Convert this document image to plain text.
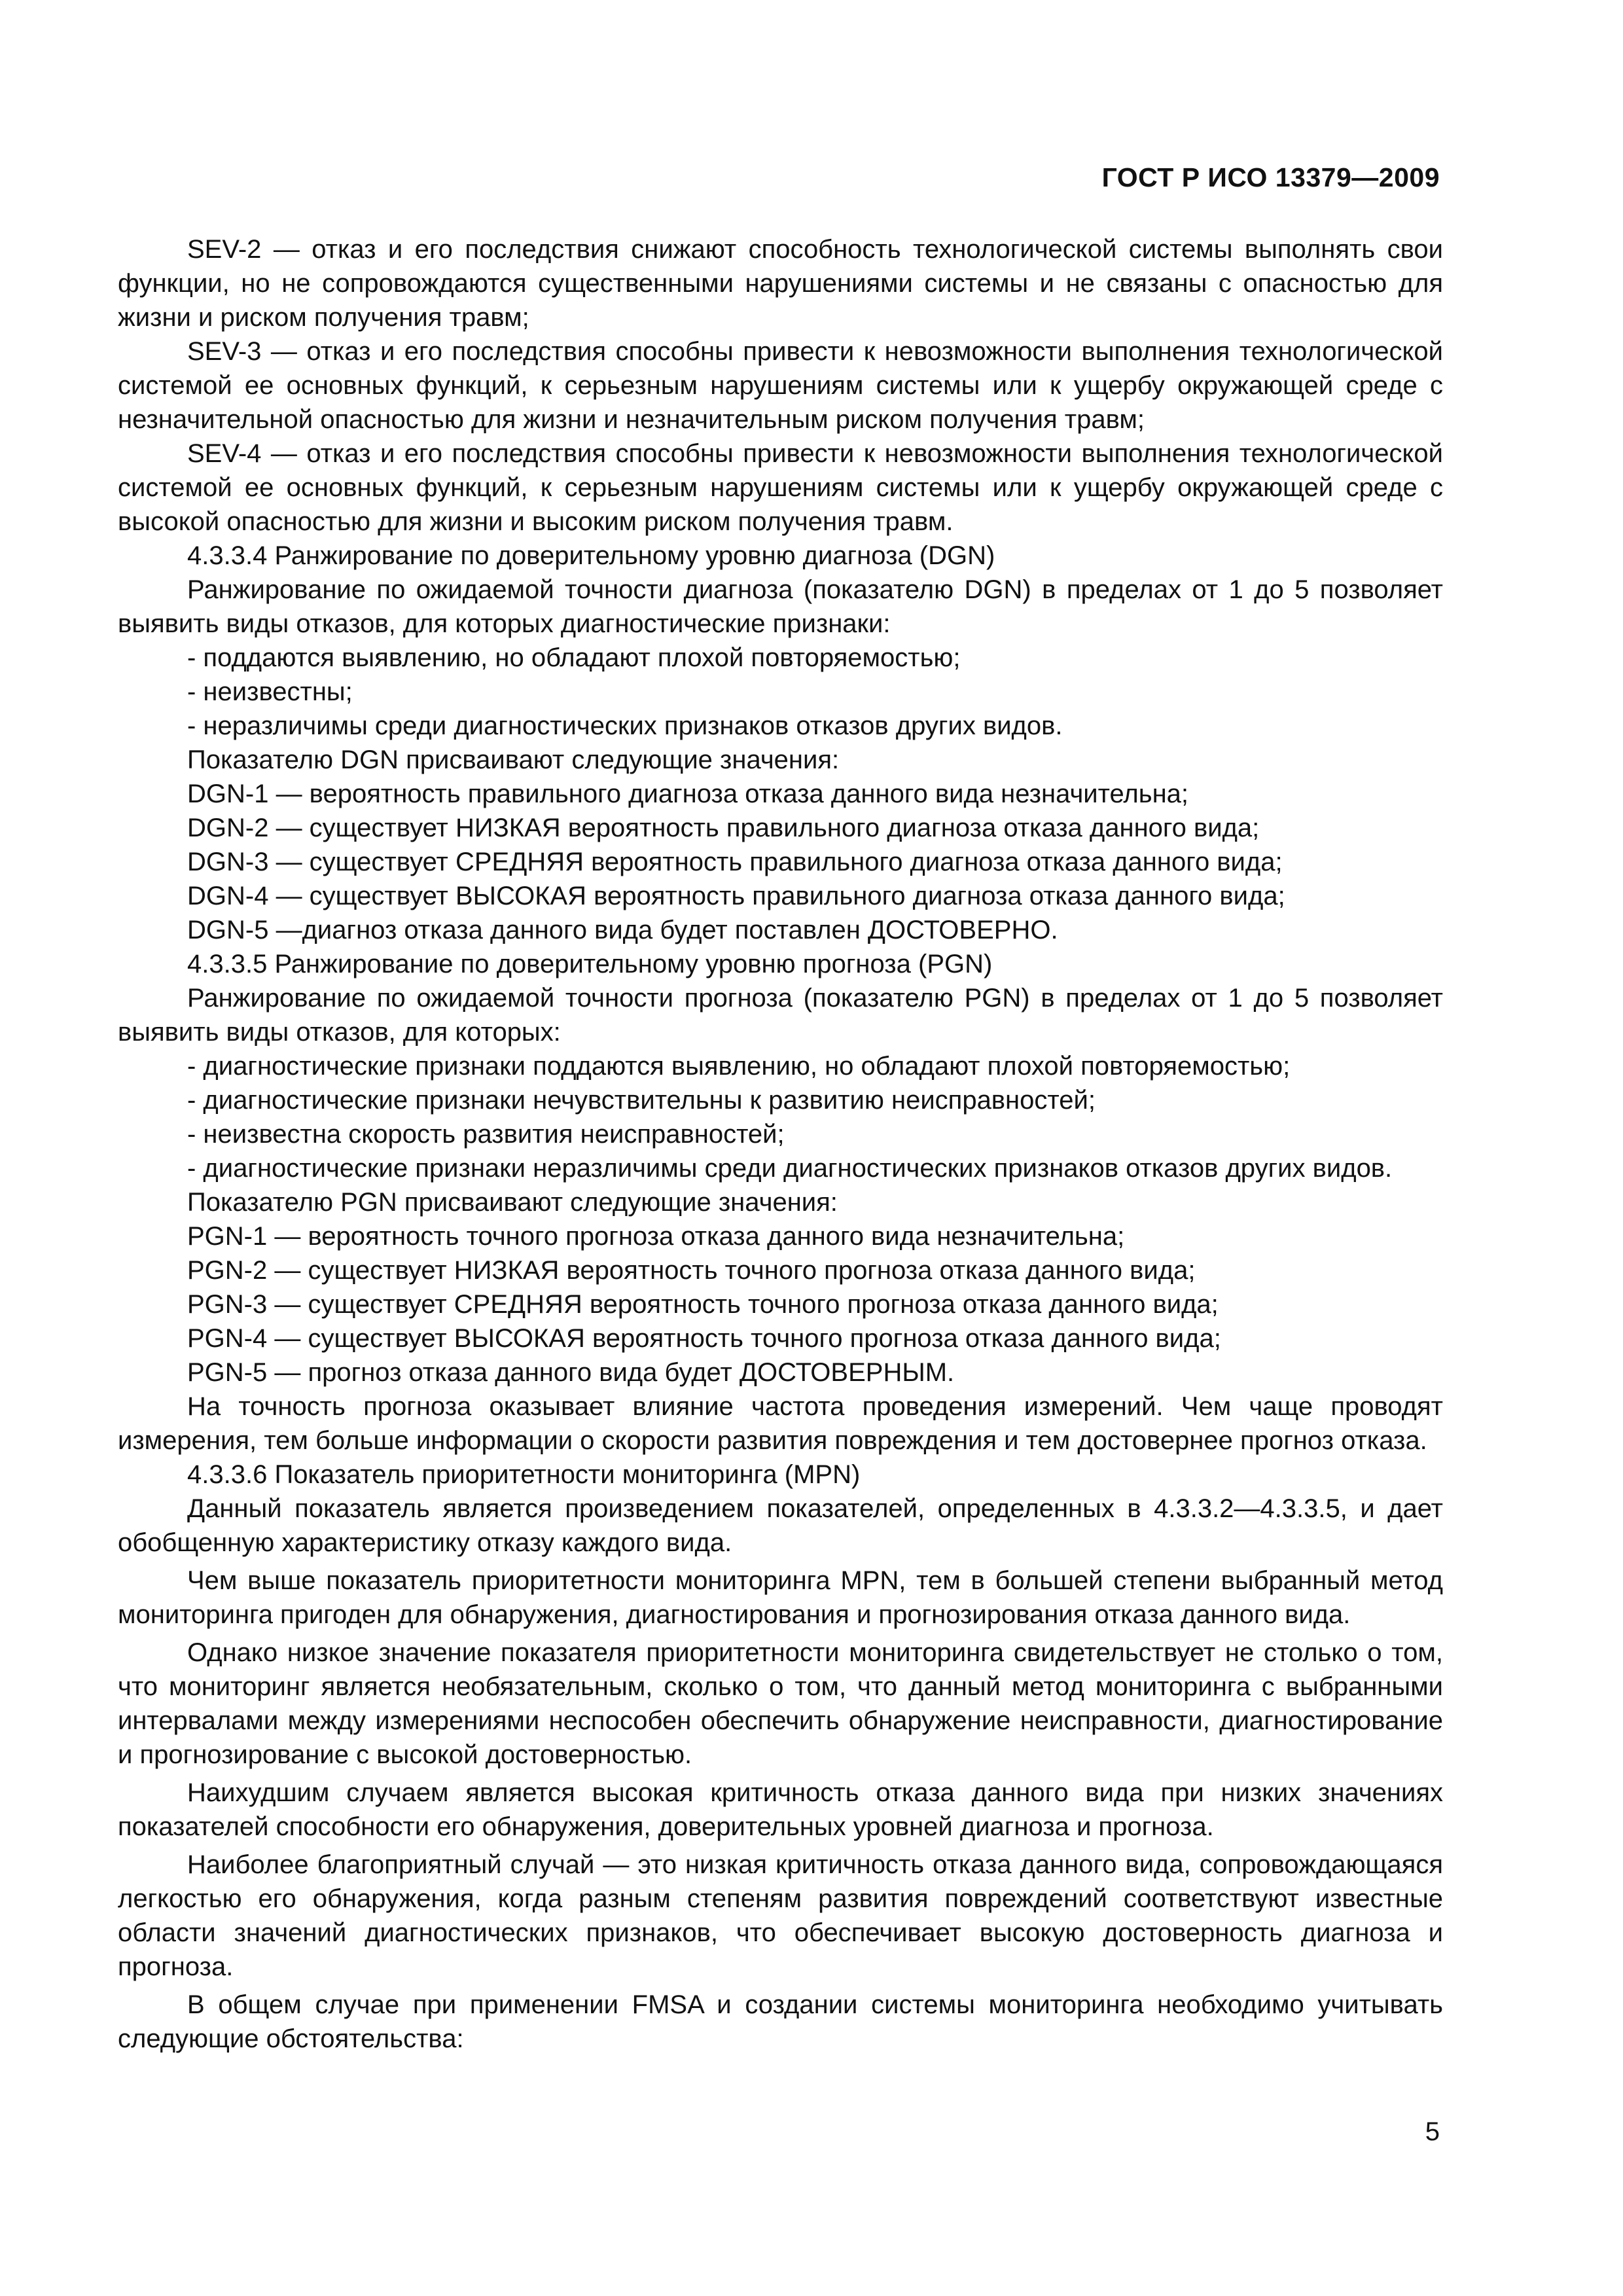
ГОСТ Р ИСО 13379—2009

SEV-2 — отказ и его последствия снижают способность технологической системы выполнять свои функции, но не сопровождаются существенными нарушениями системы и не связаны с опасностью для жизни и риском получения травм;

SEV-3 — отказ и его последствия способны привести к невозможности выполнения технологической системой ее основных функций, к серьезным нарушениям системы или к ущербу окружающей среде с незначительной опасностью для жизни и незначительным риском получения травм;

SEV-4 — отказ и его последствия способны привести к невозможности выполнения технологической системой ее основных функций, к серьезным нарушениям системы или к ущербу окружающей среде с высокой опасностью для жизни и высоким риском получения травм.

4.3.3.4 Ранжирование по доверительному уровню диагноза (DGN)

Ранжирование по ожидаемой точности диагноза (показателю DGN) в пределах от 1 до 5 позволяет выявить виды отказов, для которых диагностические признаки:

- поддаются выявлению, но обладают плохой повторяемостью;

- неизвестны;

- неразличимы среди диагностических признаков отказов других видов.

Показателю DGN присваивают следующие значения:

DGN-1 — вероятность правильного диагноза отказа данного вида незначительна;

DGN-2 — существует НИЗКАЯ вероятность правильного диагноза отказа данного вида;

DGN-3 — существует СРЕДНЯЯ вероятность правильного диагноза отказа данного вида;

DGN-4 — существует ВЫСОКАЯ вероятность правильного диагноза отказа данного вида;

DGN-5 —диагноз отказа данного вида будет поставлен ДОСТОВЕРНО.

4.3.3.5 Ранжирование по доверительному уровню прогноза (PGN)

Ранжирование по ожидаемой точности прогноза (показателю PGN) в пределах от 1 до 5 позволяет выявить виды отказов, для которых:

- диагностические признаки поддаются выявлению, но обладают плохой повторяемостью;

- диагностические признаки нечувствительны к развитию неисправностей;

- неизвестна скорость развития неисправностей;

- диагностические признаки неразличимы среди диагностических признаков отказов других видов.

Показателю PGN присваивают следующие значения:

PGN-1 — вероятность точного прогноза отказа данного вида незначительна;

PGN-2 — существует НИЗКАЯ вероятность точного прогноза отказа данного вида;

PGN-3 — существует СРЕДНЯЯ вероятность точного прогноза отказа данного вида;

PGN-4 — существует ВЫСОКАЯ вероятность точного прогноза отказа данного вида;

PGN-5 — прогноз отказа данного вида будет ДОСТОВЕРНЫМ.

На точность прогноза оказывает влияние частота проведения измерений. Чем чаще проводят измерения, тем больше информации о скорости развития повреждения и тем достовернее прогноз отказа.

4.3.3.6 Показатель приоритетности мониторинга (MPN)

Данный показатель является произведением показателей, определенных в 4.3.3.2—4.3.3.5, и дает обобщенную характеристику отказу каждого вида.

Чем выше показатель приоритетности мониторинга MPN, тем в большей степени выбранный метод мониторинга пригоден для обнаружения, диагностирования и прогнозирования отказа данного вида.

Однако низкое значение показателя приоритетности мониторинга свидетельствует не столько о том, что мониторинг является необязательным, сколько о том, что данный метод мониторинга с выбранными интервалами между измерениями неспособен обеспечить обнаружение неисправности, диагностирование и прогнозирование с высокой достоверностью.

Наихудшим случаем является высокая критичность отказа данного вида при низких значениях показателей способности его обнаружения, доверительных уровней диагноза и прогноза.

Наиболее благоприятный случай — это низкая критичность отказа данного вида, сопровождающаяся легкостью его обнаружения, когда разным степеням развития повреждений соответствуют известные области значений диагностических признаков, что обеспечивает высокую достоверность диагноза и прогноза.

В общем случае при применении FMSA и создании системы мониторинга необходимо учитывать следующие обстоятельства:

5
